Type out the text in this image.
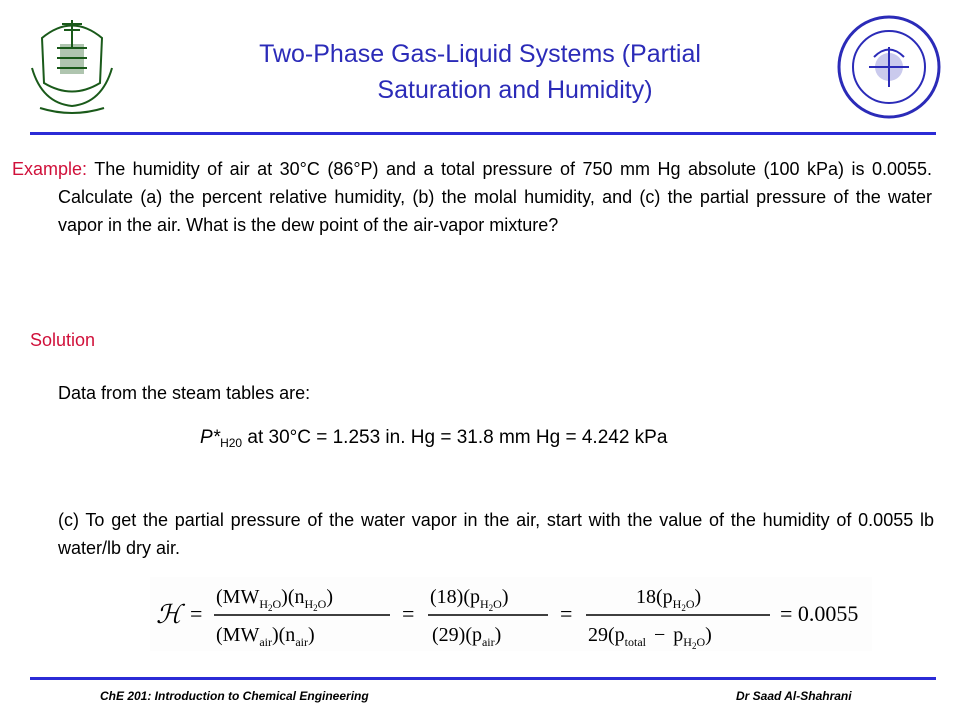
Two-Phase Gas-Liquid Systems (Partial
Saturation and Humidity)

Example: The humidity of air at 30°C (86°P) and a total pressure of 750 mm Hg absolute (100 kPa) is 0.0055. Calculate (a) the percent relative humidity, (b) the molal humidity, and (c) the partial pressure of the water vapor in the air. What is the dew point of the air-vapor mixture?

Solution
Data from the steam tables are:
$P*_{H20}$ at 30°C = 1.253 in. Hg = 31.8 mm Hg = 4.242 kPa
(c) To get the partial pressure of the water vapor in the air, start with the value of the humidity of 0.0055 lb water/lb dry air.
ℋ =
$(MW_H2O)(n_H2O)$
$(MW_{air})(n_{air})$
=
$(18)(p_H2O)$
$(29)(p_{air})$
=
$18(p_H2O)$
$29(p_{total} - p_H2O)$
= 0.0055
ChE 201: Introduction to Chemical Engineering	Dr Saad Al-Shahrani
